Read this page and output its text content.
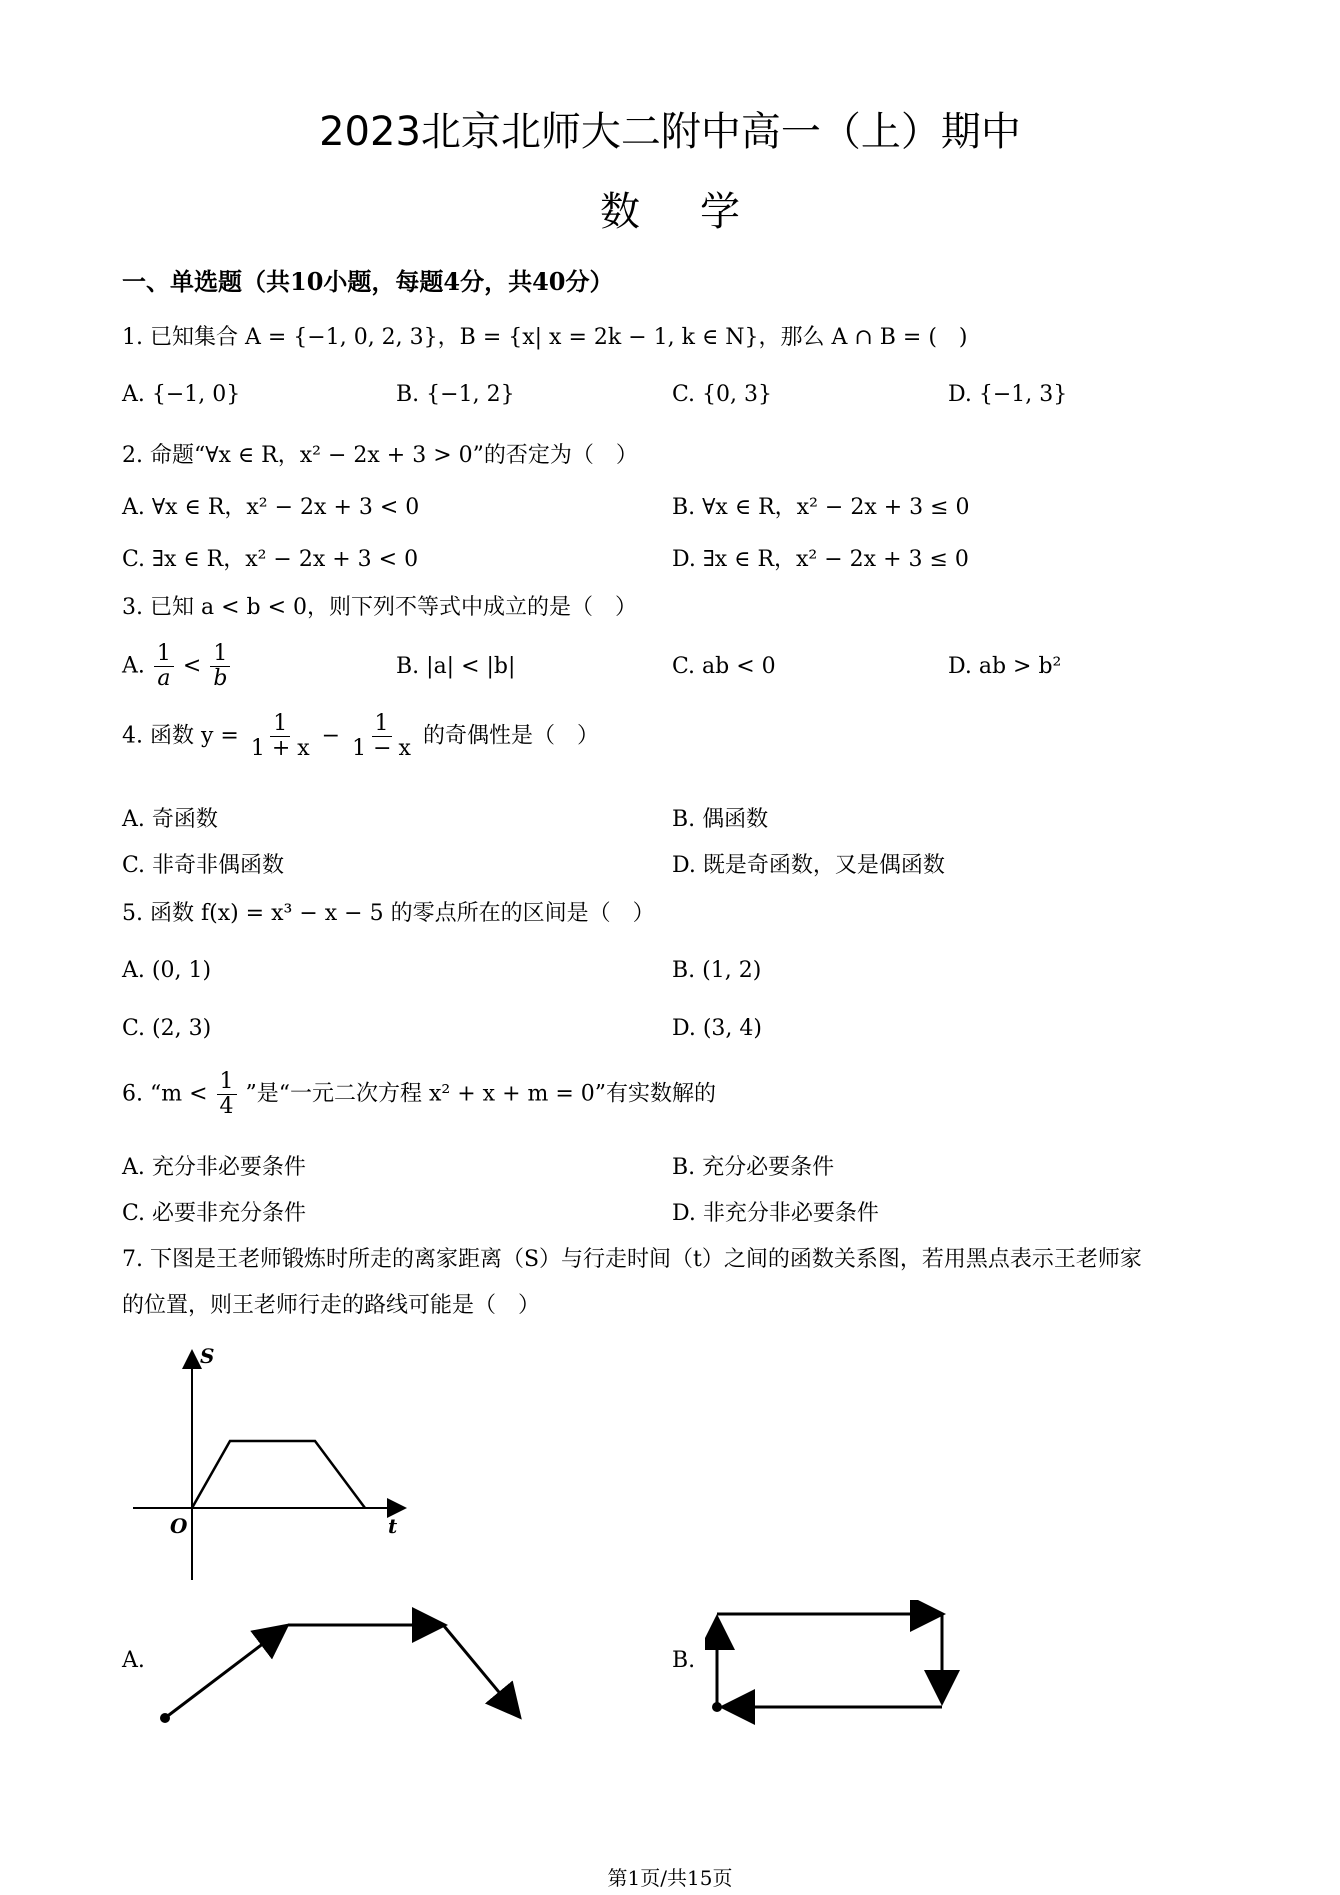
2023北京北师大二附中高一（上）期中
数学
一、单选题（共10小题，每题4分，共40分）
1. 已知集合 A = {−1, 0, 2, 3}，B = {x| x = 2k − 1, k ∈ N}，那么 A ∩ B = (　)
A. {−1, 0}	B. {−1, 2}	C. {0, 3}	D. {−1, 3}
2. 命题“∀x ∈ R，x² − 2x + 3 > 0”的否定为（　）
A. ∀x ∈ R，x² − 2x + 3 < 0	B. ∀x ∈ R，x² − 2x + 3 ≤ 0
C. ∃x ∈ R，x² − 2x + 3 < 0	D. ∃x ∈ R，x² − 2x + 3 ≤ 0
3. 已知 a < b < 0，则下列不等式中成立的是（　）
A. $\frac{1}{a} < \frac{1}{b}$	B. |a| < |b|	C. ab < 0	D. ab > b²
4. 函数 $y = \frac{1}{1 + x} - \frac{1}{1 - x}$ 的奇偶性是（　）
A. 奇函数	B. 偶函数
C. 非奇非偶函数	D. 既是奇函数，又是偶函数
5. 函数 f(x) = x³ − x − 5 的零点所在的区间是（　）
A. (0, 1)	B. (1, 2)
C. (2, 3)	D. (3, 4)
6. “$m < \frac{1}{4}$ ”是“一元二次方程 x² + x + m = 0”有实数解的
A. 充分非必要条件	B. 充分必要条件
C. 必要非充分条件	D. 非充分非必要条件
7. 下图是王老师锻炼时所走的离家距离（S）与行走时间（t）之间的函数关系图，若用黑点表示王老师家
的位置，则王老师行走的路线可能是（　）
S
t
O
A.	B.
第1页/共15页
